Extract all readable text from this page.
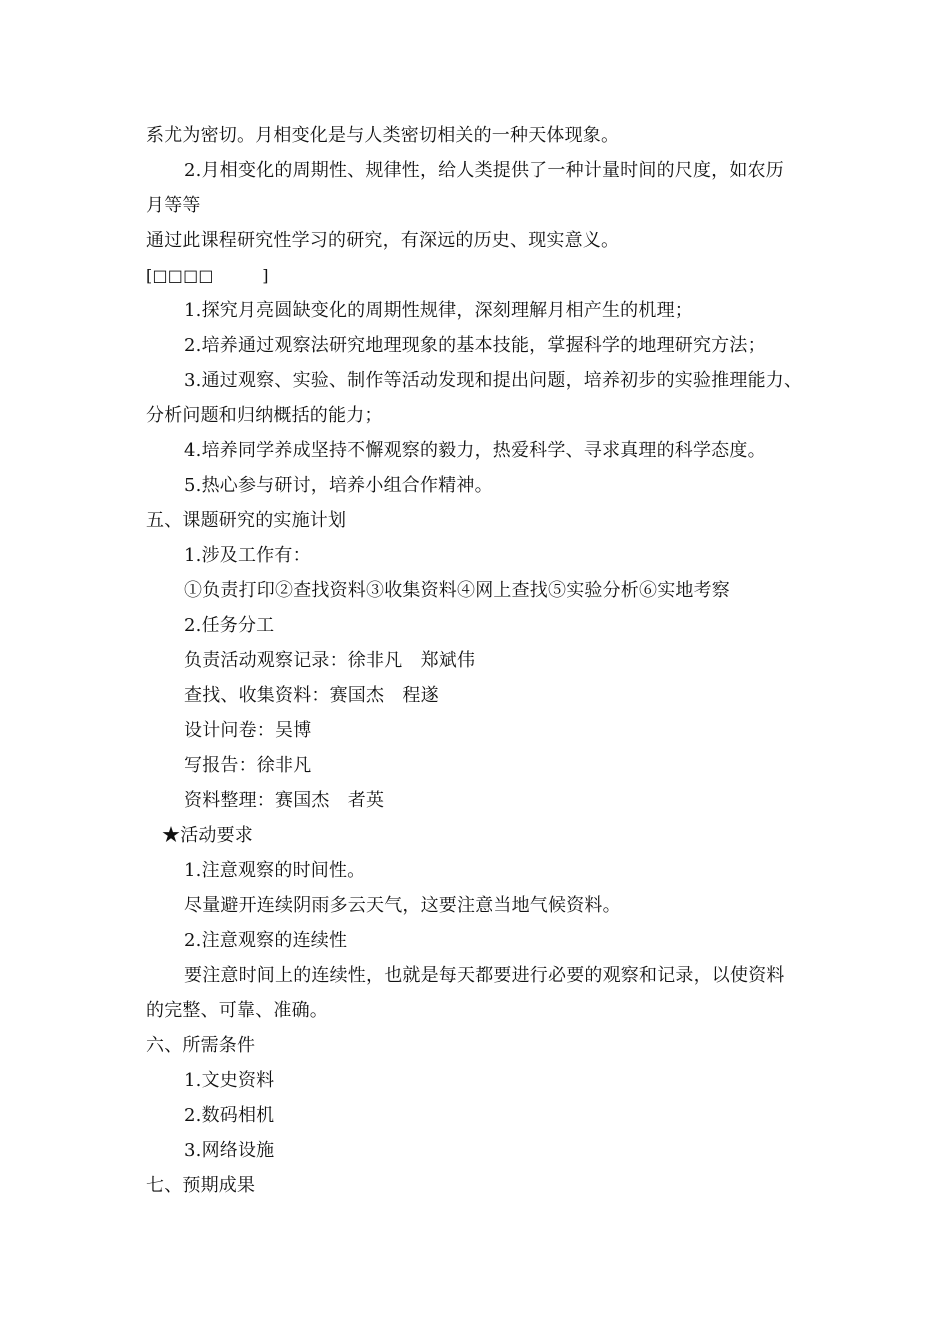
系尤为密切。月相变化是与人类密切相关的一种天体现象。
2.月相变化的周期性、规律性，给人类提供了一种计量时间的尺度，如农历
月等等
通过此课程研究性学习的研究，有深远的历史、现实意义。
[□□□□　　　]
1.探究月亮圆缺变化的周期性规律，深刻理解月相产生的机理；
2.培养通过观察法研究地理现象的基本技能，掌握科学的地理研究方法；
3.通过观察、实验、制作等活动发现和提出问题，培养初步的实验推理能力、
分析问题和归纳概括的能力；
4.培养同学养成坚持不懈观察的毅力，热爱科学、寻求真理的科学态度。
5.热心参与研讨，培养小组合作精神。
五、课题研究的实施计划
1.涉及工作有：
①负责打印②查找资料③收集资料④网上查找⑤实验分析⑥实地考察
2.任务分工
负责活动观察记录：徐非凡　郑斌伟
查找、收集资料：赛国杰　程遂
设计问卷：吴博
写报告：徐非凡
资料整理：赛国杰　者英
★活动要求
1.注意观察的时间性。
尽量避开连续阴雨多云天气，这要注意当地气候资料。
2.注意观察的连续性
要注意时间上的连续性，也就是每天都要进行必要的观察和记录，以使资料
的完整、可靠、准确。
六、所需条件
1.文史资料
2.数码相机
3.网络设施
七、预期成果
